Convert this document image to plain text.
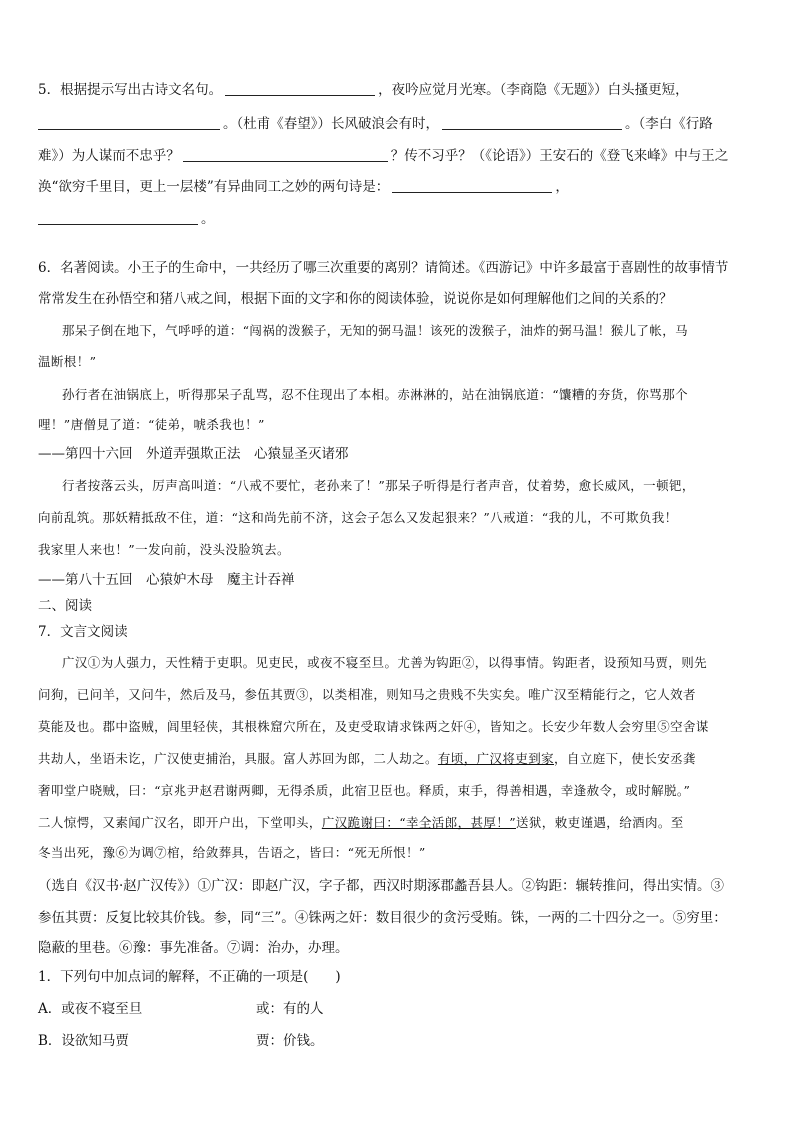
5．根据提示写出古诗文名句。	，夜吟应觉月光寒。（李商隐《无题》）白头搔更短，
。（杜甫《春望》）长风破浪会有时，	。（李白《行路
难》）为人谋而不忠乎？	？传不习乎？（《论语》）王安石的《登飞来峰》中与王之
涣“欲穷千里目，更上一层楼”有异曲同工之妙的两句诗是：	，
。
6．名著阅读。小王子的生命中，一共经历了哪三次重要的离别？请简述。《西游记》中许多最富于喜剧性的故事情节
常常发生在孙悟空和猪八戒之间，根据下面的文字和你的阅读体验，说说你是如何理解他们之间的关系的？
那呆子倒在地下，气呼呼的道：“闯祸的泼猴子，无知的弼马温！该死的泼猴子，油炸的弼马温！猴儿了帐，马
温断根！”
孙行者在油锅底上，听得那呆子乱骂，忍不住现出了本相。赤淋淋的，站在油锅底道：“馕糟的夯货，你骂那个
哩！”唐僧見了道：“徒弟，唬杀我也！”
——第四十六回　外道弄强欺正法　心猿显圣灭诸邪
行者按落云头，厉声高叫道：“八戒不要忙，老孙来了！”那呆子听得是行者声音，仗着势，愈长威风，一顿钯，
向前乱筑。那妖精抵敌不住，道：“这和尚先前不济，这会子怎么又发起狠来？”八戒道：“我的儿，不可欺负我！
我家里人来也！”一发向前，没头没脸筑去。
——第八十五回　心猿妒木母　魔主计吞禅
二、阅读
7．文言文阅读
广汉①为人强力，天性精于吏职。见吏民，或夜不寝至旦。尤善为钩距②，以得事情。钩距者，设预知马贾，则先
问狗，已问羊，又问牛，然后及马，参伍其贾③，以类相准，则知马之贵贱不失实矣。唯广汉至精能行之，它人效者
莫能及也。郡中盗贼，闾里轻侠，其根株窟穴所在，及吏受取请求铢两之奸④，皆知之。长安少年数人会穷里⑤空舍谋
共劫人，坐语未讫，广汉使吏捕治，具服。富人苏回为郎，二人劫之。有顷，广汉将吏到家，自立庭下，使长安丞龚
奢叩堂户晓贼，曰：“京兆尹赵君谢两卿，无得杀质，此宿卫臣也。释质，束手，得善相遇，幸逢赦令，或时解脱。”
二人惊愕，又素闻广汉名，即开户出，下堂叩头，广汉跪谢曰：“幸全活郎，甚厚！”送狱，敕吏谨遇，给酒肉。至
冬当出死，豫⑥为调⑦棺，给敛葬具，告语之，皆曰：“死无所恨！”
（选自《汉书·赵广汉传》）①广汉：即赵广汉，字子都，西汉时期涿郡蠡吾县人。②钩距：辗转推问，得出实情。③
参伍其贾：反复比较其价钱。参，同“三”。④铢两之奸：数目很少的贪污受贿。铢，一两的二十四分之一。⑤穷里：
隐蔽的里巷。⑥豫：事先准备。⑦调：治办，办理。
1．下列句中加点词的解释，不正确的一项是(　　)
A．或夜不寝至旦	或：有的人
B．设欲知马贾	贾：价钱。
